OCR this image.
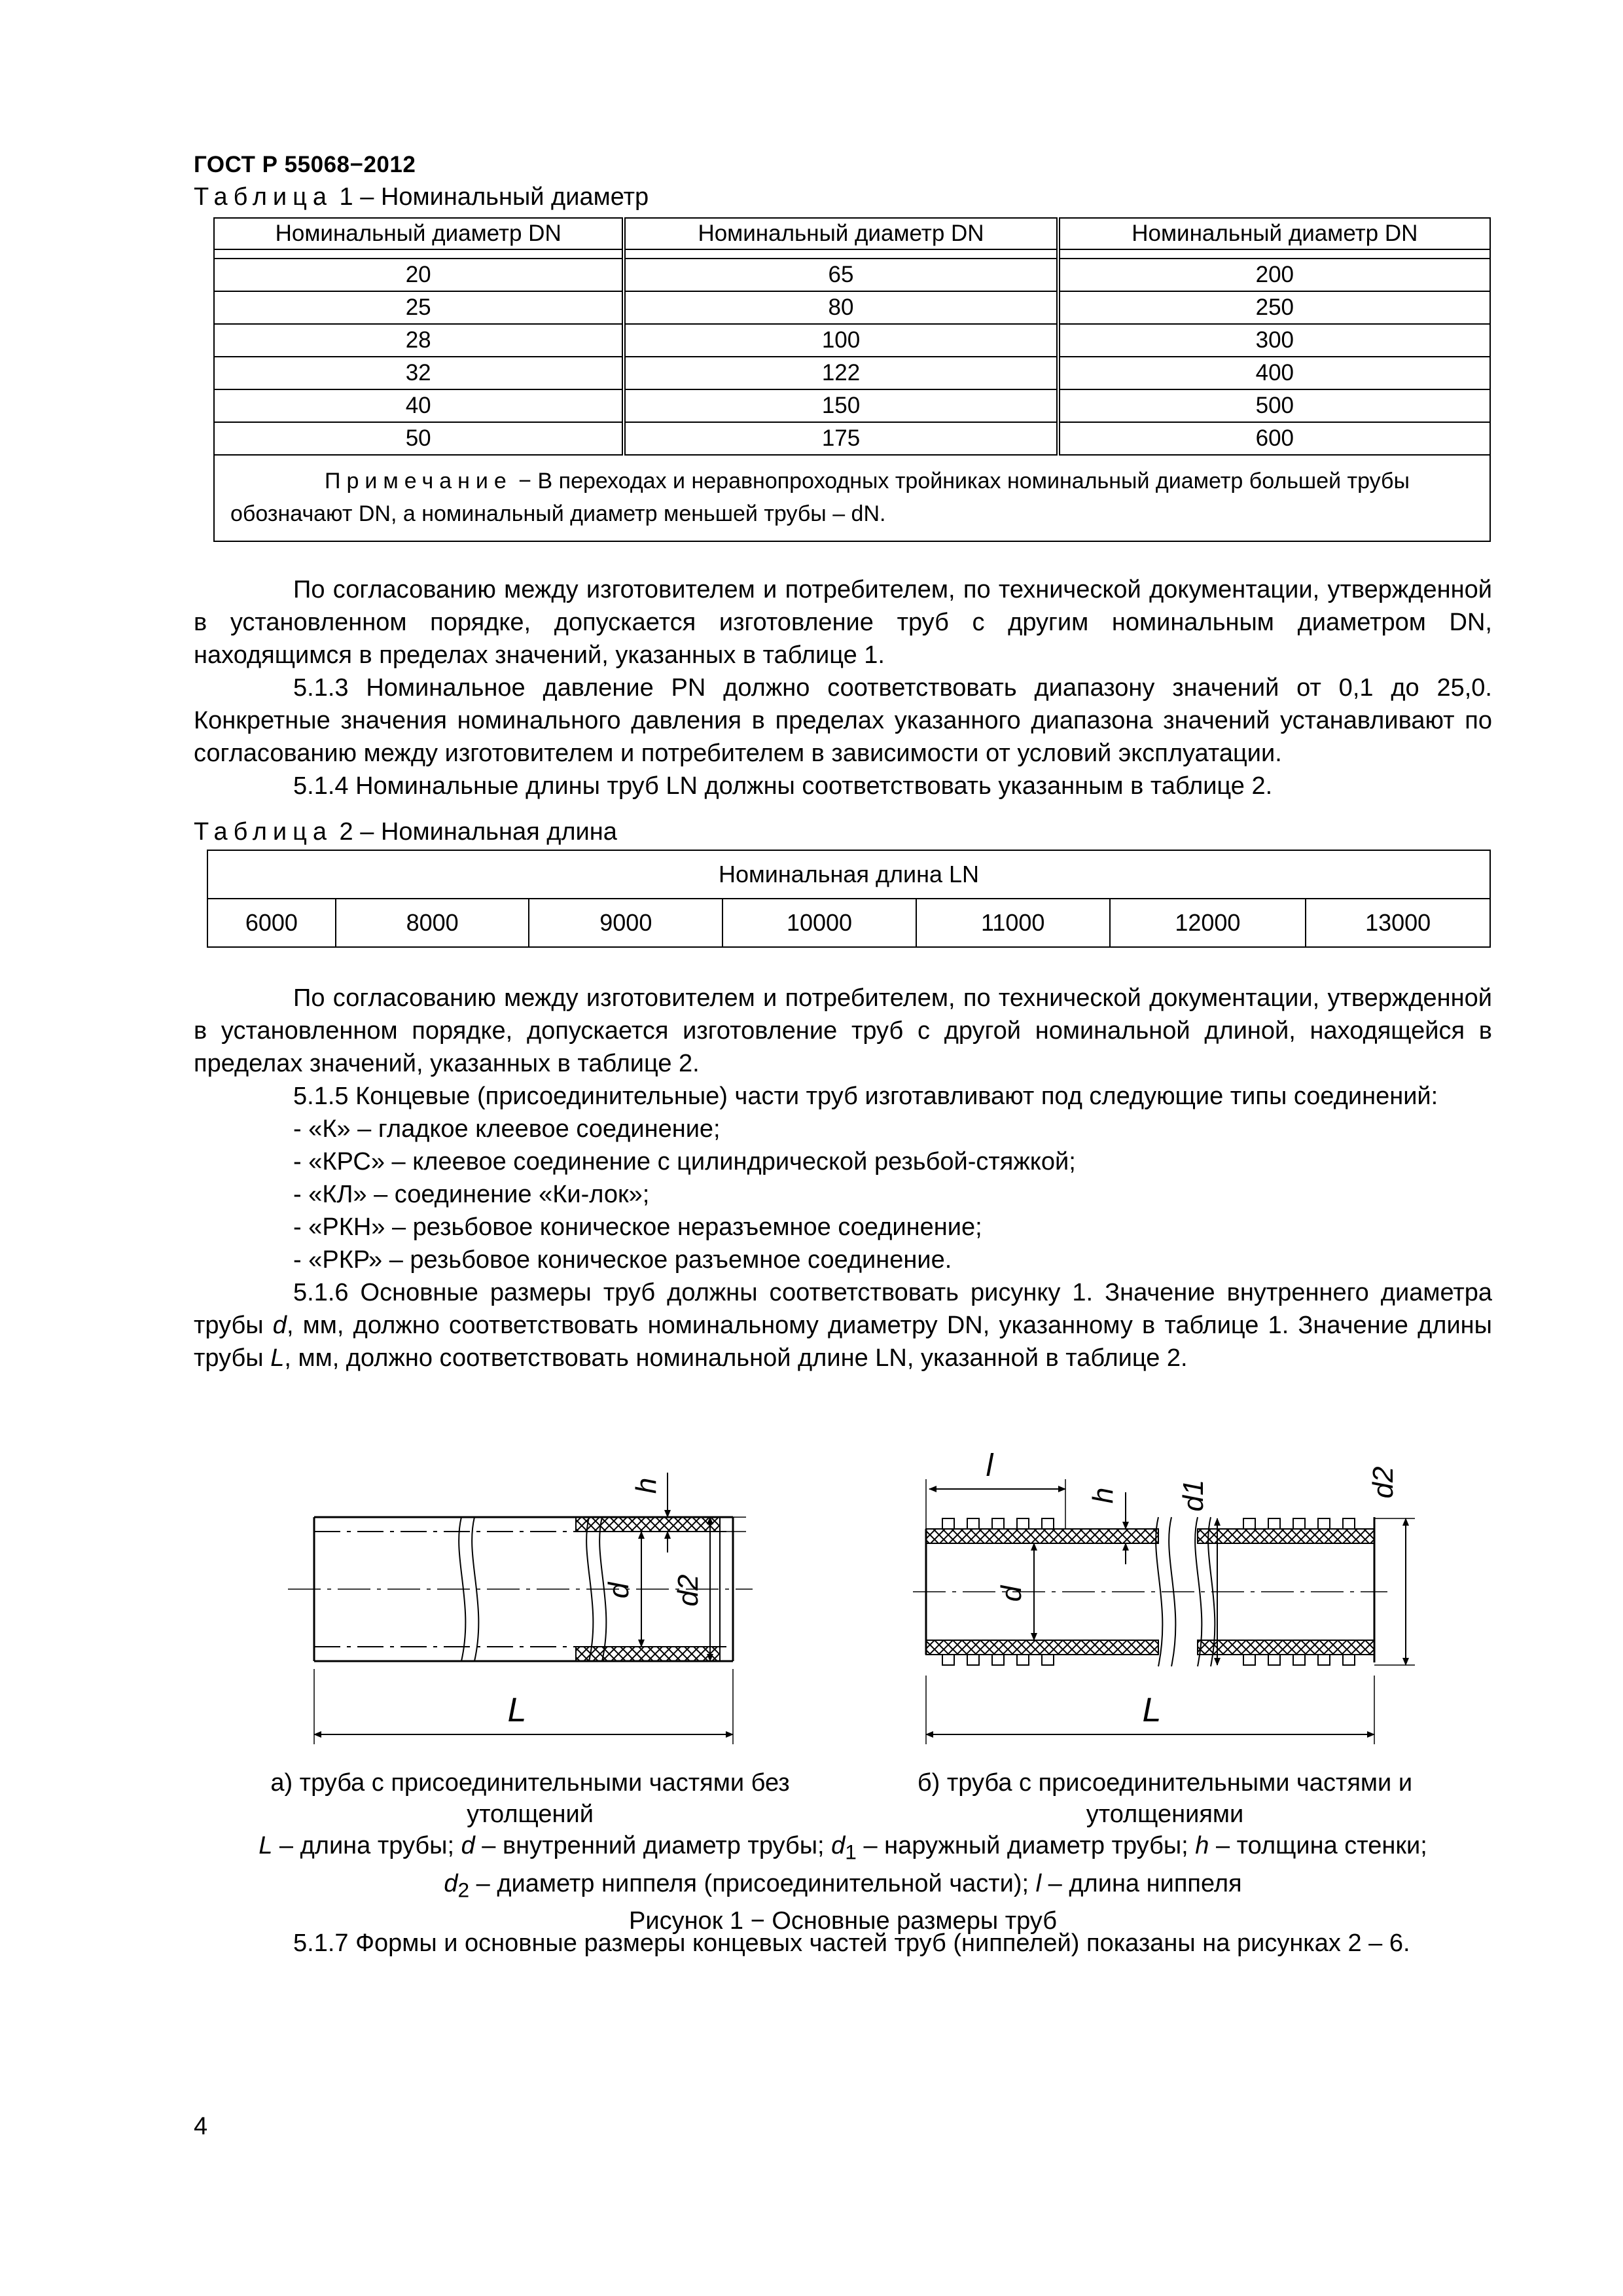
ГОСТ Р 55068−2012
Таблица 1 – Номинальный диаметр
Номинальный диаметр DN	Номинальный диаметр DN	Номинальный диаметр DN

20	65	200
25	80	250
28	100	300
32	122	400
40	150	500
50	175	600
Примечание − В переходах и неравнопроходных тройниках номинальный диаметр большей трубы обозначают DN, а номинальный диаметр меньшей трубы – dN.		

По согласованию между изготовителем и потребителем, по технической документации, утвержденной в установленном порядке, допускается изготовление труб с другим номинальным диаметром DN, находящимся в пределах значений, указанных в таблице 1.

5.1.3 Номинальное давление PN должно соответствовать диапазону значений от 0,1 до 25,0. Конкретные значения номинального давления в пределах указанного диапазона значений устанавливают по согласованию между изготовителем и потребителем в зависимости от условий эксплуатации.

5.1.4 Номинальные длины труб LN должны соответствовать указанным в таблице 2.

Таблица 2 – Номинальная длина
Номинальная длина LN
6000	8000	9000	10000	11000	12000	13000

По согласованию между изготовителем и потребителем, по технической документации, утвержденной в установленном порядке, допускается изготовление труб с другой номинальной длиной, находящейся в пределах значений, указанных в таблице 2.

5.1.5 Концевые (присоединительные) части труб изготавливают под следующие типы соединений:

- «К» – гладкое клеевое соединение;

- «КРС» – клеевое соединение с цилиндрической резьбой-стяжкой;

- «КЛ» – соединение «Ки-лок»;

- «РКН» – резьбовое коническое неразъемное соединение;

- «РКР» – резьбовое коническое разъемное соединение.

5.1.6 Основные размеры труб должны соответствовать рисунку 1. Значение внутреннего диаметра трубы d, мм, должно соответствовать номинальному диаметру DN, указанному в таблице 1. Значение длины трубы L, мм, должно соответствовать номинальной длине LN, указанной в таблице 2.

h
d d2
L
l
h
d
d1	d2
L
а) труба с присоединительными частями без
утолщений
б) труба с присоединительными частями и
утолщениями
L – длина трубы; d – внутренний диаметр трубы; $d_1$ – наружный диаметр трубы; h – толщина стенки;
$d_2$ – диаметр ниппеля (присоединительной части); l – длина ниппеля
Рисунок 1 − Основные размеры труб

5.1.7 Формы и основные размеры концевых частей труб (ниппелей) показаны на рисунках 2 – 6.

4
